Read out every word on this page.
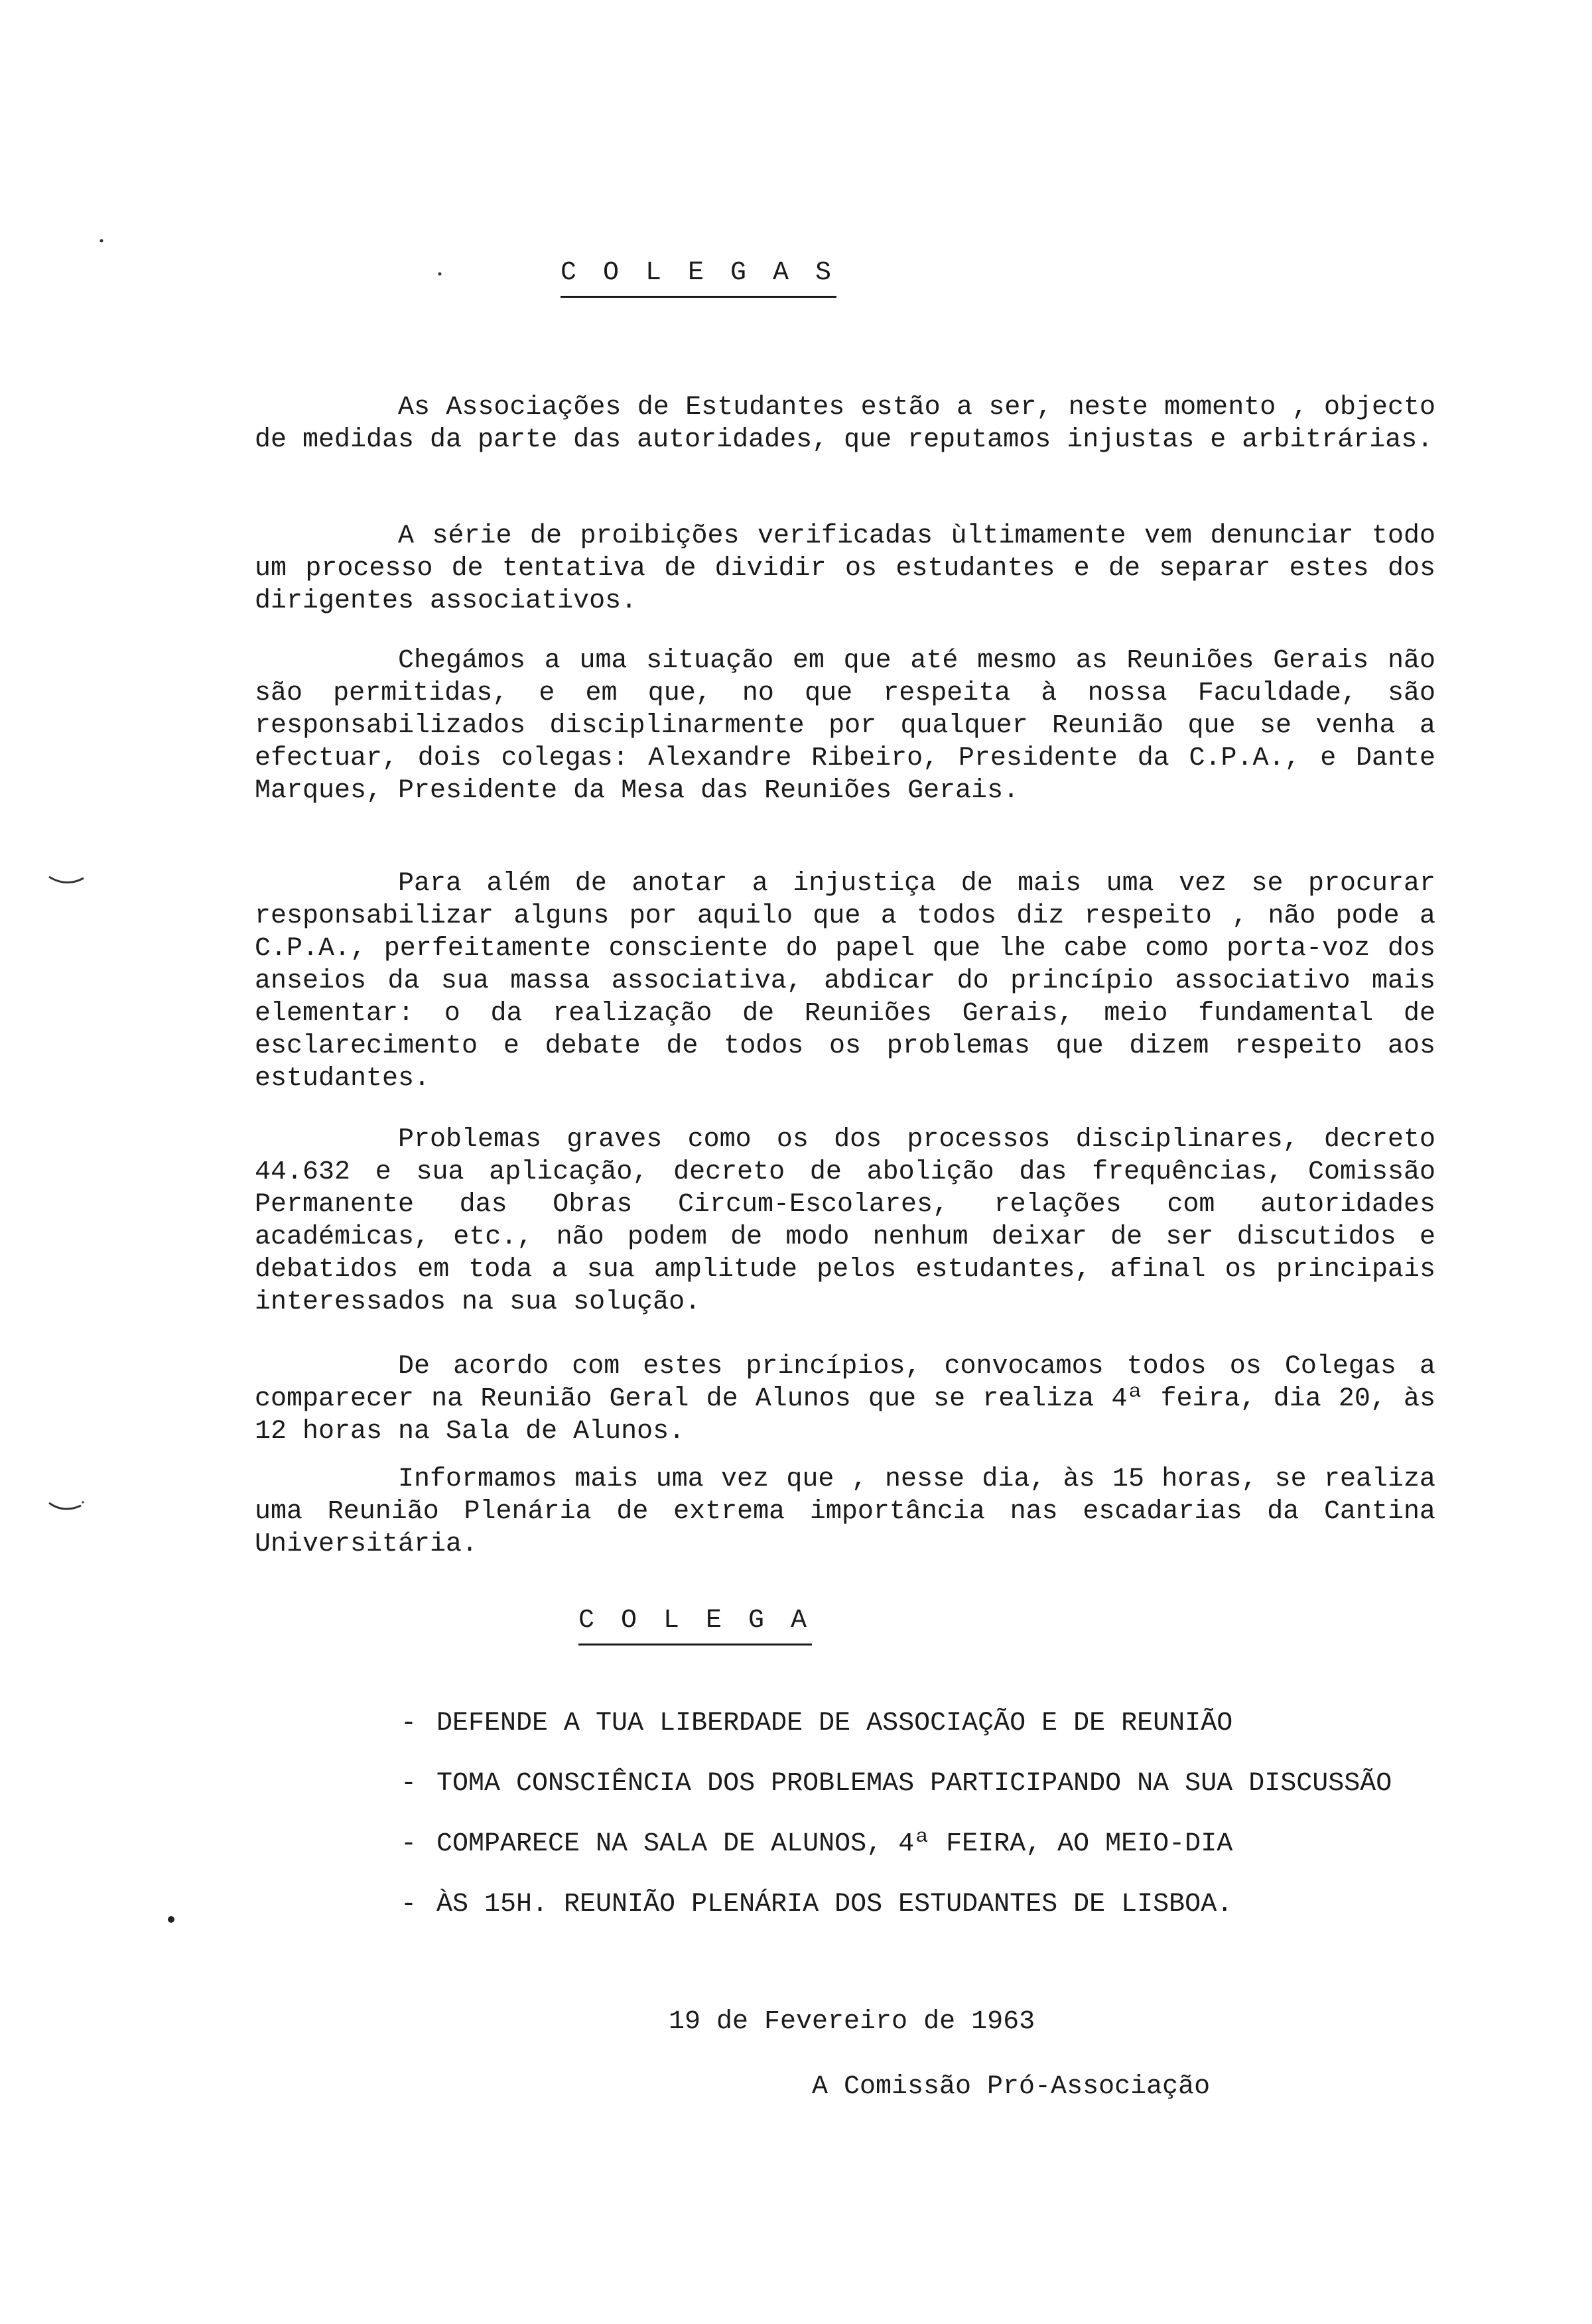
C O L E G A S

As Associações de Estudantes estão a ser, neste momento , objecto de medidas da parte das autoridades, que reputamos injustas e arbitrárias.

A série de proibições verificadas ùltimamente vem denunciar todo um processo de tentativa de dividir os estudantes e de separar estes dos dirigentes associativos.

Chegámos a uma situação em que até mesmo as Reuniões Gerais não são permitidas, e em que, no que respeita à nossa Faculdade, são responsabilizados disciplinarmente por qualquer Reunião que se venha a efectuar, dois colegas: Alexandre Ribeiro, Presidente da C.P.A., e Dante Marques, Presidente da Mesa das Reuniões Gerais.

Para além de anotar a injustiça de mais uma vez se procurar responsabilizar alguns por aquilo que a todos diz respeito , não pode a C.P.A., perfeitamente consciente do papel que lhe cabe como porta-voz dos anseios da sua massa associativa, abdicar do princípio associativo mais elementar: o da realização de Reuniões Gerais, meio fundamental de esclarecimento e debate de todos os problemas que dizem respeito aos estudantes.

Problemas graves como os dos processos disciplinares, decreto 44.632 e sua aplicação, decreto de abolição das frequências, Comissão Permanente das Obras Circum-Escolares, relações com autoridades académicas, etc., não podem de modo nenhum deixar de ser discutidos e debatidos em toda a sua amplitude pelos estudantes, afinal os principais interessados na sua solução.

De acordo com estes princípios, convocamos todos os Colegas a comparecer na Reunião Geral de Alunos que se realiza 4ª feira, dia 20, às 12 horas na Sala de Alunos.

Informamos mais uma vez que , nesse dia, às 15 horas, se realiza uma Reunião Plenária de extrema importância nas escadarias da Cantina Universitária.

C O L E G A
- DEFENDE A TUA LIBERDADE DE ASSOCIAÇÃO E DE REUNIÃO
- TOMA CONSCIÊNCIA DOS PROBLEMAS PARTICIPANDO NA SUA DISCUSSÃO
- COMPARECE NA SALA DE ALUNOS, 4ª FEIRA, AO MEIO-DIA
- ÀS 15H. REUNIÃO PLENÁRIA DOS ESTUDANTES DE LISBOA.
19 de Fevereiro de 1963
A Comissão Pró-Associação
